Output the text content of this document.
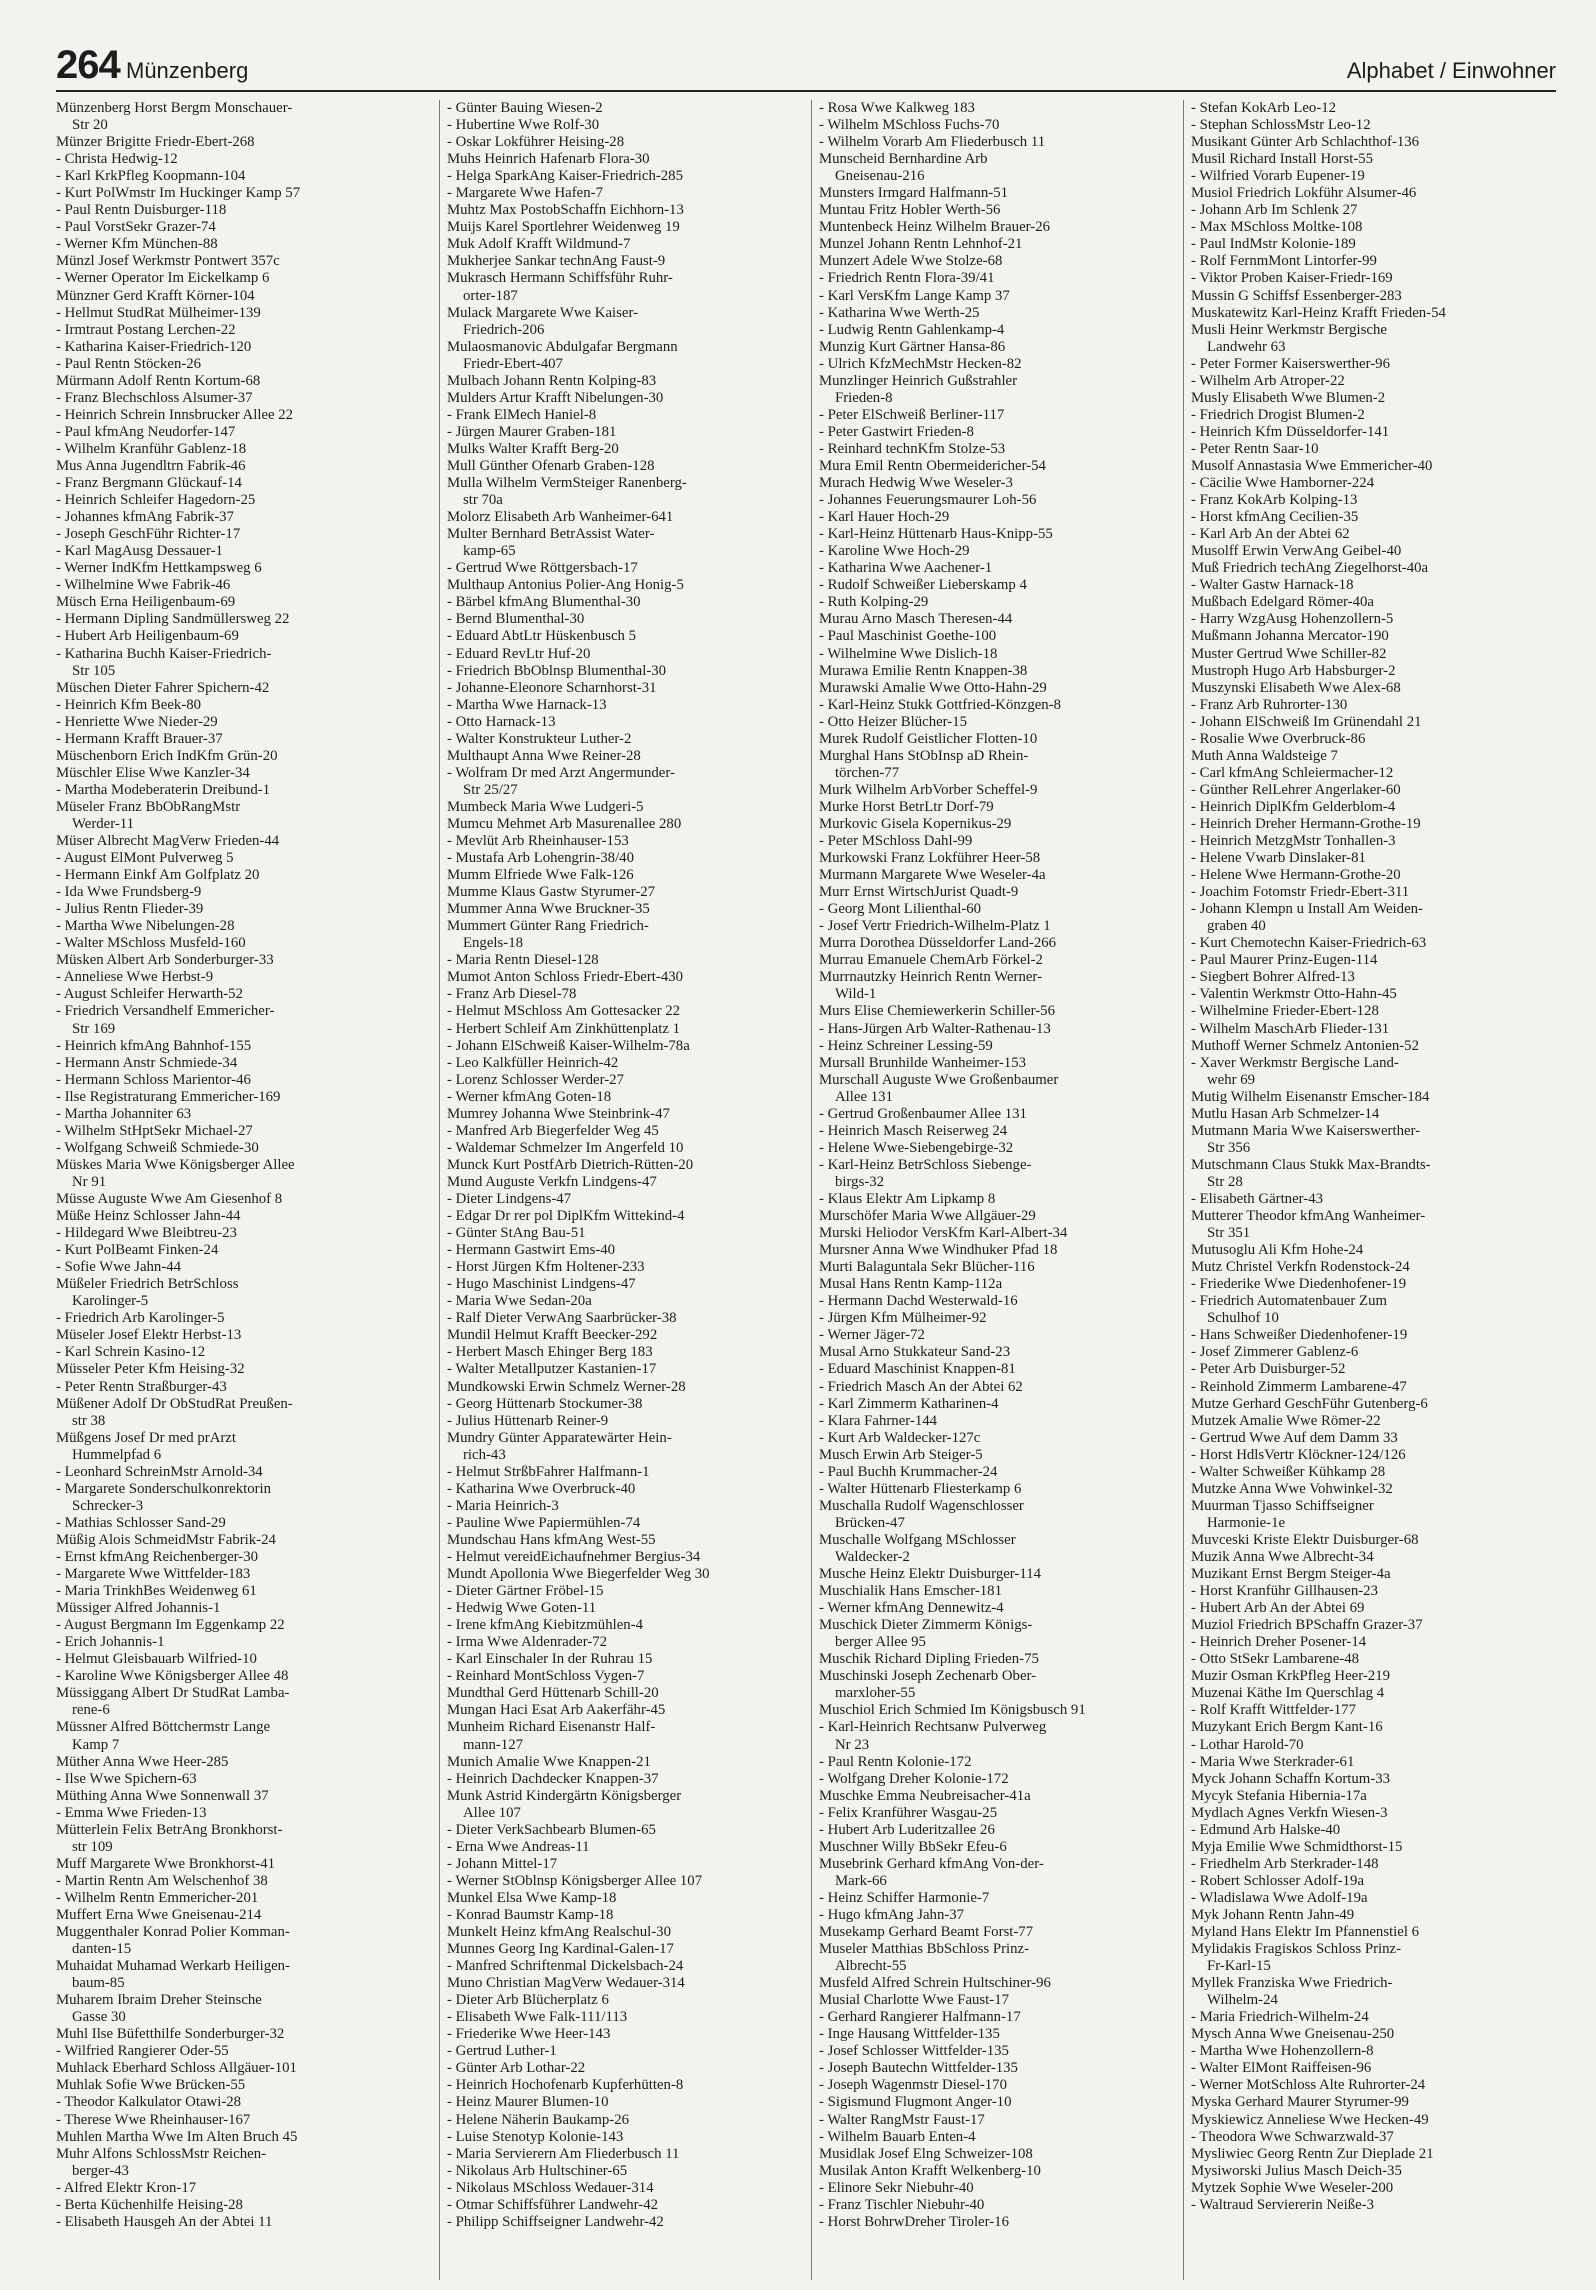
264 Münzenberg	Alphabet / Einwohner
Münzenberg Horst Bergm Monschauer-
Str 20
Münzer Brigitte Friedr-Ebert-268
- Christa Hedwig-12
- Karl KrkPfleg Koopmann-104
- Kurt PolWmstr Im Huckinger Kamp 57
- Paul Rentn Duisburger-118
- Paul VorstSekr Grazer-74
- Werner Kfm München-88
Münzl Josef Werkmstr Pontwert 357c
- Werner Operator Im Eickelkamp 6
Münzner Gerd Krafft Körner-104
- Hellmut StudRat Mülheimer-139
- Irmtraut Postang Lerchen-22
- Katharina Kaiser-Friedrich-120
- Paul Rentn Stöcken-26
Mürmann Adolf Rentn Kortum-68
- Franz Blechschloss Alsumer-37
- Heinrich Schrein Innsbrucker Allee 22
- Paul kfmAng Neudorfer-147
- Wilhelm Kranführ Gablenz-18
Mus Anna Jugendltrn Fabrik-46
- Franz Bergmann Glückauf-14
- Heinrich Schleifer Hagedorn-25
- Johannes kfmAng Fabrik-37
- Joseph GeschFühr Richter-17
- Karl MagAusg Dessauer-1
- Werner IndKfm Hettkampsweg 6
- Wilhelmine Wwe Fabrik-46
Müsch Erna Heiligenbaum-69
- Hermann Dipling Sandmüllersweg 22
- Hubert Arb Heiligenbaum-69
- Katharina Buchh Kaiser-Friedrich-
Str 105
Müschen Dieter Fahrer Spichern-42
- Heinrich Kfm Beek-80
- Henriette Wwe Nieder-29
- Hermann Krafft Brauer-37
Müschenborn Erich IndKfm Grün-20
Müschler Elise Wwe Kanzler-34
- Martha Modeberaterin Dreibund-1
Müseler Franz BbObRangMstr
Werder-11
Müser Albrecht MagVerw Frieden-44
- August ElMont Pulverweg 5
- Hermann Einkf Am Golfplatz 20
- Ida Wwe Frundsberg-9
- Julius Rentn Flieder-39
- Martha Wwe Nibelungen-28
- Walter MSchloss Musfeld-160
Müsken Albert Arb Sonderburger-33
- Anneliese Wwe Herbst-9
- August Schleifer Herwarth-52
- Friedrich Versandhelf Emmericher-
Str 169
- Heinrich kfmAng Bahnhof-155
- Hermann Anstr Schmiede-34
- Hermann Schloss Marientor-46
- Ilse Registraturang Emmericher-169
- Martha Johanniter 63
- Wilhelm StHptSekr Michael-27
- Wolfgang Schweiß Schmiede-30
Müskes Maria Wwe Königsberger Allee
Nr 91
Müsse Auguste Wwe Am Giesenhof 8
Müße Heinz Schlosser Jahn-44
- Hildegard Wwe Bleibtreu-23
- Kurt PolBeamt Finken-24
- Sofie Wwe Jahn-44
Müßeler Friedrich BetrSchloss
Karolinger-5
- Friedrich Arb Karolinger-5
Müseler Josef Elektr Herbst-13
- Karl Schrein Kasino-12
Müsseler Peter Kfm Heising-32
- Peter Rentn Straßburger-43
Müßener Adolf Dr ObStudRat Preußen-
str 38
Müßgens Josef Dr med prArzt
Hummelpfad 6
- Leonhard SchreinMstr Arnold-34
- Margarete Sonderschulkonrektorin
Schrecker-3
- Mathias Schlosser Sand-29
Müßig Alois SchmeidMstr Fabrik-24
- Ernst kfmAng Reichenberger-30
- Margarete Wwe Wittfelder-183
- Maria TrinkhBes Weidenweg 61
Müssiger Alfred Johannis-1
- August Bergmann Im Eggenkamp 22
- Erich Johannis-1
- Helmut Gleisbauarb Wilfried-10
- Karoline Wwe Königsberger Allee 48
Müssiggang Albert Dr StudRat Lamba-
rene-6
Müssner Alfred Böttchermstr Lange
Kamp 7
Müther Anna Wwe Heer-285
- Ilse Wwe Spichern-63
Müthing Anna Wwe Sonnenwall 37
- Emma Wwe Frieden-13
Mütterlein Felix BetrAng Bronkhorst-
str 109
Muff Margarete Wwe Bronkhorst-41
- Martin Rentn Am Welschenhof 38
- Wilhelm Rentn Emmericher-201
Muffert Erna Wwe Gneisenau-214
Muggenthaler Konrad Polier Komman-
danten-15
Muhaidat Muhamad Werkarb Heiligen-
baum-85
Muharem Ibraim Dreher Steinsche
Gasse 30
Muhl Ilse Büfetthilfe Sonderburger-32
- Wilfried Rangierer Oder-55
Muhlack Eberhard Schloss Allgäuer-101
Muhlak Sofie Wwe Brücken-55
- Theodor Kalkulator Otawi-28
- Therese Wwe Rheinhauser-167
Muhlen Martha Wwe Im Alten Bruch 45
Muhr Alfons SchlossMstr Reichen-
berger-43
- Alfred Elektr Kron-17
- Berta Küchenhilfe Heising-28
- Elisabeth Hausgeh An der Abtei 11
- Günter Bauing Wiesen-2
- Hubertine Wwe Rolf-30
- Oskar Lokführer Heising-28
Muhs Heinrich Hafenarb Flora-30
- Helga SparkAng Kaiser-Friedrich-285
- Margarete Wwe Hafen-7
Muhtz Max PostobSchaffn Eichhorn-13
Muijs Karel Sportlehrer Weidenweg 19
Muk Adolf Krafft Wildmund-7
Mukherjee Sankar technAng Faust-9
Mukrasch Hermann Schiffsführ Ruhr-
orter-187
Mulack Margarete Wwe Kaiser-
Friedrich-206
Mulaosmanovic Abdulgafar Bergmann
Friedr-Ebert-407
Mulbach Johann Rentn Kolping-83
Mulders Artur Krafft Nibelungen-30
- Frank ElMech Haniel-8
- Jürgen Maurer Graben-181
Mulks Walter Krafft Berg-20
Mull Günther Ofenarb Graben-128
Mulla Wilhelm VermSteiger Ranenberg-
str 70a
Molorz Elisabeth Arb Wanheimer-641
Multer Bernhard BetrAssist Water-
kamp-65
- Gertrud Wwe Röttgersbach-17
Multhaup Antonius Polier-Ang Honig-5
- Bärbel kfmAng Blumenthal-30
- Bernd Blumenthal-30
- Eduard AbtLtr Hüskenbusch 5
- Eduard RevLtr Huf-20
- Friedrich BbOblnsp Blumenthal-30
- Johanne-Eleonore Scharnhorst-31
- Martha Wwe Harnack-13
- Otto Harnack-13
- Walter Konstrukteur Luther-2
Multhaupt Anna Wwe Reiner-28
- Wolfram Dr med Arzt Angermunder-
Str 25/27
Mumbeck Maria Wwe Ludgeri-5
Mumcu Mehmet Arb Masurenallee 280
- Mevlüt Arb Rheinhauser-153
- Mustafa Arb Lohengrin-38/40
Mumm Elfriede Wwe Falk-126
Mumme Klaus Gastw Styrumer-27
Mummer Anna Wwe Bruckner-35
Mummert Günter Rang Friedrich-
Engels-18
- Maria Rentn Diesel-128
Mumot Anton Schloss Friedr-Ebert-430
- Franz Arb Diesel-78
- Helmut MSchloss Am Gottesacker 22
- Herbert Schleif Am Zinkhüttenplatz 1
- Johann ElSchweiß Kaiser-Wilhelm-78a
- Leo Kalkfüller Heinrich-42
- Lorenz Schlosser Werder-27
- Werner kfmAng Goten-18
Mumrey Johanna Wwe Steinbrink-47
- Manfred Arb Biegerfelder Weg 45
- Waldemar Schmelzer Im Angerfeld 10
Munck Kurt PostfArb Dietrich-Rütten-20
Mund Auguste Verkfn Lindgens-47
- Dieter Lindgens-47
- Edgar Dr rer pol DiplKfm Wittekind-4
- Günter StAng Bau-51
- Hermann Gastwirt Ems-40
- Horst Jürgen Kfm Holtener-233
- Hugo Maschinist Lindgens-47
- Maria Wwe Sedan-20a
- Ralf Dieter VerwAng Saarbrücker-38
Mundil Helmut Krafft Beecker-292
- Herbert Masch Ehinger Berg 183
- Walter Metallputzer Kastanien-17
Mundkowski Erwin Schmelz Werner-28
- Georg Hüttenarb Stockumer-38
- Julius Hüttenarb Reiner-9
Mundry Günter Apparatewärter Hein-
rich-43
- Helmut StrßbFahrer Halfmann-1
- Katharina Wwe Overbruck-40
- Maria Heinrich-3
- Pauline Wwe Papiermühlen-74
Mundschau Hans kfmAng West-55
- Helmut vereidEichaufnehmer Bergius-34
Mundt Apollonia Wwe Biegerfelder Weg 30
- Dieter Gärtner Fröbel-15
- Hedwig Wwe Goten-11
- Irene kfmAng Kiebitzmühlen-4
- Irma Wwe Aldenrader-72
- Karl Einschaler In der Ruhrau 15
- Reinhard MontSchloss Vygen-7
Mundthal Gerd Hüttenarb Schill-20
Mungan Haci Esat Arb Aakerfähr-45
Munheim Richard Eisenanstr Half-
mann-127
Munich Amalie Wwe Knappen-21
- Heinrich Dachdecker Knappen-37
Munk Astrid Kindergärtn Königsberger
Allee 107
- Dieter VerkSachbearb Blumen-65
- Erna Wwe Andreas-11
- Johann Mittel-17
- Werner StOblnsp Königsberger Allee 107
Munkel Elsa Wwe Kamp-18
- Konrad Baumstr Kamp-18
Munkelt Heinz kfmAng Realschul-30
Munnes Georg Ing Kardinal-Galen-17
- Manfred Schriftenmal Dickelsbach-24
Muno Christian MagVerw Wedauer-314
- Dieter Arb Blücherplatz 6
- Elisabeth Wwe Falk-111/113
- Friederike Wwe Heer-143
- Gertrud Luther-1
- Günter Arb Lothar-22
- Heinrich Hochofenarb Kupferhütten-8
- Heinz Maurer Blumen-10
- Helene Näherin Baukamp-26
- Luise Stenotyp Kolonie-143
- Maria Servierern Am Fliederbusch 11
- Nikolaus Arb Hultschiner-65
- Nikolaus MSchloss Wedauer-314
- Otmar Schiffsführer Landwehr-42
- Philipp Schiffseigner Landwehr-42
- Rosa Wwe Kalkweg 183
- Wilhelm MSchloss Fuchs-70
- Wilhelm Vorarb Am Fliederbusch 11
Munscheid Bernhardine Arb
Gneisenau-216
Munsters Irmgard Halfmann-51
Muntau Fritz Hobler Werth-56
Muntenbeck Heinz Wilhelm Brauer-26
Munzel Johann Rentn Lehnhof-21
Munzert Adele Wwe Stolze-68
- Friedrich Rentn Flora-39/41
- Karl VersKfm Lange Kamp 37
- Katharina Wwe Werth-25
- Ludwig Rentn Gahlenkamp-4
Munzig Kurt Gärtner Hansa-86
- Ulrich KfzMechMstr Hecken-82
Munzlinger Heinrich Gußstrahler
Frieden-8
- Peter ElSchweiß Berliner-117
- Peter Gastwirt Frieden-8
- Reinhard technKfm Stolze-53
Mura Emil Rentn Obermeidericher-54
Murach Hedwig Wwe Weseler-3
- Johannes Feuerungsmaurer Loh-56
- Karl Hauer Hoch-29
- Karl-Heinz Hüttenarb Haus-Knipp-55
- Karoline Wwe Hoch-29
- Katharina Wwe Aachener-1
- Rudolf Schweißer Lieberskamp 4
- Ruth Kolping-29
Murau Arno Masch Theresen-44
- Paul Maschinist Goethe-100
- Wilhelmine Wwe Dislich-18
Murawa Emilie Rentn Knappen-38
Murawski Amalie Wwe Otto-Hahn-29
- Karl-Heinz Stukk Gottfried-Könzgen-8
- Otto Heizer Blücher-15
Murek Rudolf Geistlicher Flotten-10
Murghal Hans StObInsp aD Rhein-
törchen-77
Murk Wilhelm ArbVorber Scheffel-9
Murke Horst BetrLtr Dorf-79
Murkovic Gisela Kopernikus-29
- Peter MSchloss Dahl-99
Murkowski Franz Lokführer Heer-58
Murmann Margarete Wwe Weseler-4a
Murr Ernst WirtschJurist Quadt-9
- Georg Mont Lilienthal-60
- Josef Vertr Friedrich-Wilhelm-Platz 1
Murra Dorothea Düsseldorfer Land-266
Murrau Emanuele ChemArb Förkel-2
Murrnautzky Heinrich Rentn Werner-
Wild-1
Murs Elise Chemiewerkerin Schiller-56
- Hans-Jürgen Arb Walter-Rathenau-13
- Heinz Schreiner Lessing-59
Mursall Brunhilde Wanheimer-153
Murschall Auguste Wwe Großenbaumer
Allee 131
- Gertrud Großenbaumer Allee 131
- Heinrich Masch Reiserweg 24
- Helene Wwe-Siebengebirge-32
- Karl-Heinz BetrSchloss Siebenge-
birgs-32
- Klaus Elektr Am Lipkamp 8
Murschöfer Maria Wwe Allgäuer-29
Murski Heliodor VersKfm Karl-Albert-34
Mursner Anna Wwe Windhuker Pfad 18
Murti Balaguntala Sekr Blücher-116
Musal Hans Rentn Kamp-112a
- Hermann Dachd Westerwald-16
- Jürgen Kfm Mülheimer-92
- Werner Jäger-72
Musal Arno Stukkateur Sand-23
- Eduard Maschinist Knappen-81
- Friedrich Masch An der Abtei 62
- Karl Zimmerm Katharinen-4
- Klara Fahrner-144
- Kurt Arb Waldecker-127c
Musch Erwin Arb Steiger-5
- Paul Buchh Krummacher-24
- Walter Hüttenarb Fliesterkamp 6
Muschalla Rudolf Wagenschlosser
Brücken-47
Muschalle Wolfgang MSchlosser
Waldecker-2
Musche Heinz Elektr Duisburger-114
Muschialik Hans Emscher-181
- Werner kfmAng Dennewitz-4
Muschick Dieter Zimmerm Königs-
berger Allee 95
Muschik Richard Dipling Frieden-75
Muschinski Joseph Zechenarb Ober-
marxloher-55
Muschiol Erich Schmied Im Königsbusch 91
- Karl-Heinrich Rechtsanw Pulverweg
Nr 23
- Paul Rentn Kolonie-172
- Wolfgang Dreher Kolonie-172
Muschke Emma Neubreisacher-41a
- Felix Kranführer Wasgau-25
- Hubert Arb Luderitzallee 26
Muschner Willy BbSekr Efeu-6
Musebrink Gerhard kfmAng Von-der-
Mark-66
- Heinz Schiffer Harmonie-7
- Hugo kfmAng Jahn-37
Musekamp Gerhard Beamt Forst-77
Museler Matthias BbSchloss Prinz-
Albrecht-55
Musfeld Alfred Schrein Hultschiner-96
Musial Charlotte Wwe Faust-17
- Gerhard Rangierer Halfmann-17
- Inge Hausang Wittfelder-135
- Josef Schlosser Wittfelder-135
- Joseph Bautechn Wittfelder-135
- Joseph Wagenmstr Diesel-170
- Sigismund Flugmont Anger-10
- Walter RangMstr Faust-17
- Wilhelm Bauarb Enten-4
Musidlak Josef Elng Schweizer-108
Musilak Anton Krafft Welkenberg-10
- Elinore Sekr Niebuhr-40
- Franz Tischler Niebuhr-40
- Horst BohrwDreher Tiroler-16
- Stefan KokArb Leo-12
- Stephan SchlossMstr Leo-12
Musikant Günter Arb Schlachthof-136
Musil Richard Install Horst-55
- Wilfried Vorarb Eupener-19
Musiol Friedrich Lokführ Alsumer-46
- Johann Arb Im Schlenk 27
- Max MSchloss Moltke-108
- Paul IndMstr Kolonie-189
- Rolf FernmMont Lintorfer-99
- Viktor Proben Kaiser-Friedr-169
Mussin G Schiffsf Essenberger-283
Muskatewitz Karl-Heinz Krafft Frieden-54
Musli Heinr Werkmstr Bergische
Landwehr 63
- Peter Former Kaiserswerther-96
- Wilhelm Arb Atroper-22
Musly Elisabeth Wwe Blumen-2
- Friedrich Drogist Blumen-2
- Heinrich Kfm Düsseldorfer-141
- Peter Rentn Saar-10
Musolf Annastasia Wwe Emmericher-40
- Cäcilie Wwe Hamborner-224
- Franz KokArb Kolping-13
- Horst kfmAng Cecilien-35
- Karl Arb An der Abtei 62
Musolff Erwin VerwAng Geibel-40
Muß Friedrich techAng Ziegelhorst-40a
- Walter Gastw Harnack-18
Mußbach Edelgard Römer-40a
- Harry WzgAusg Hohenzollern-5
Mußmann Johanna Mercator-190
Muster Gertrud Wwe Schiller-82
Mustroph Hugo Arb Habsburger-2
Muszynski Elisabeth Wwe Alex-68
- Franz Arb Ruhrorter-130
- Johann ElSchweiß Im Grünendahl 21
- Rosalie Wwe Overbruck-86
Muth Anna Waldsteige 7
- Carl kfmAng Schleiermacher-12
- Günther RelLehrer Angerlaker-60
- Heinrich DiplKfm Gelderblom-4
- Heinrich Dreher Hermann-Grothe-19
- Heinrich MetzgMstr Tonhallen-3
- Helene Vwarb Dinslaker-81
- Helene Wwe Hermann-Grothe-20
- Joachim Fotomstr Friedr-Ebert-311
- Johann Klempn u Install Am Weiden-
graben 40
- Kurt Chemotechn Kaiser-Friedrich-63
- Paul Maurer Prinz-Eugen-114
- Siegbert Bohrer Alfred-13
- Valentin Werkmstr Otto-Hahn-45
- Wilhelmine Frieder-Ebert-128
- Wilhelm MaschArb Flieder-131
Muthoff Werner Schmelz Antonien-52
- Xaver Werkmstr Bergische Land-
wehr 69
Mutig Wilhelm Eisenanstr Emscher-184
Mutlu Hasan Arb Schmelzer-14
Mutmann Maria Wwe Kaiserswerther-
Str 356
Mutschmann Claus Stukk Max-Brandts-
Str 28
- Elisabeth Gärtner-43
Mutterer Theodor kfmAng Wanheimer-
Str 351
Mutusoglu Ali Kfm Hohe-24
Mutz Christel Verkfn Rodenstock-24
- Friederike Wwe Diedenhofener-19
- Friedrich Automatenbauer Zum
Schulhof 10
- Hans Schweißer Diedenhofener-19
- Josef Zimmerer Gablenz-6
- Peter Arb Duisburger-52
- Reinhold Zimmerm Lambarene-47
Mutze Gerhard GeschFühr Gutenberg-6
Mutzek Amalie Wwe Römer-22
- Gertrud Wwe Auf dem Damm 33
- Horst HdlsVertr Klöckner-124/126
- Walter Schweißer Kühkamp 28
Mutzke Anna Wwe Vohwinkel-32
Muurman Tjasso Schiffseigner
Harmonie-1e
Muvceski Kriste Elektr Duisburger-68
Muzik Anna Wwe Albrecht-34
Muzikant Ernst Bergm Steiger-4a
- Horst Kranführ Gillhausen-23
- Hubert Arb An der Abtei 69
Muziol Friedrich BPSchaffn Grazer-37
- Heinrich Dreher Posener-14
- Otto StSekr Lambarene-48
Muzir Osman KrkPfleg Heer-219
Muzenai Käthe Im Querschlag 4
- Rolf Krafft Wittfelder-177
Muzykant Erich Bergm Kant-16
- Lothar Harold-70
- Maria Wwe Sterkrader-61
Myck Johann Schaffn Kortum-33
Mycyk Stefania Hibernia-17a
Mydlach Agnes Verkfn Wiesen-3
- Edmund Arb Halske-40
Myja Emilie Wwe Schmidthorst-15
- Friedhelm Arb Sterkrader-148
- Robert Schlosser Adolf-19a
- Wladislawa Wwe Adolf-19a
Myk Johann Rentn Jahn-49
Myland Hans Elektr Im Pfannenstiel 6
Mylidakis Fragiskos Schloss Prinz-
Fr-Karl-15
Myllek Franziska Wwe Friedrich-
Wilhelm-24
- Maria Friedrich-Wilhelm-24
Mysch Anna Wwe Gneisenau-250
- Martha Wwe Hohenzollern-8
- Walter ElMont Raiffeisen-96
- Werner MotSchloss Alte Ruhrorter-24
Myska Gerhard Maurer Styrumer-99
Myskiewicz Anneliese Wwe Hecken-49
- Theodora Wwe Schwarzwald-37
Mysliwiec Georg Rentn Zur Dieplade 21
Mysiworski Julius Masch Deich-35
Mytzek Sophie Wwe Weseler-200
- Waltraud Serviererin Neiße-3
